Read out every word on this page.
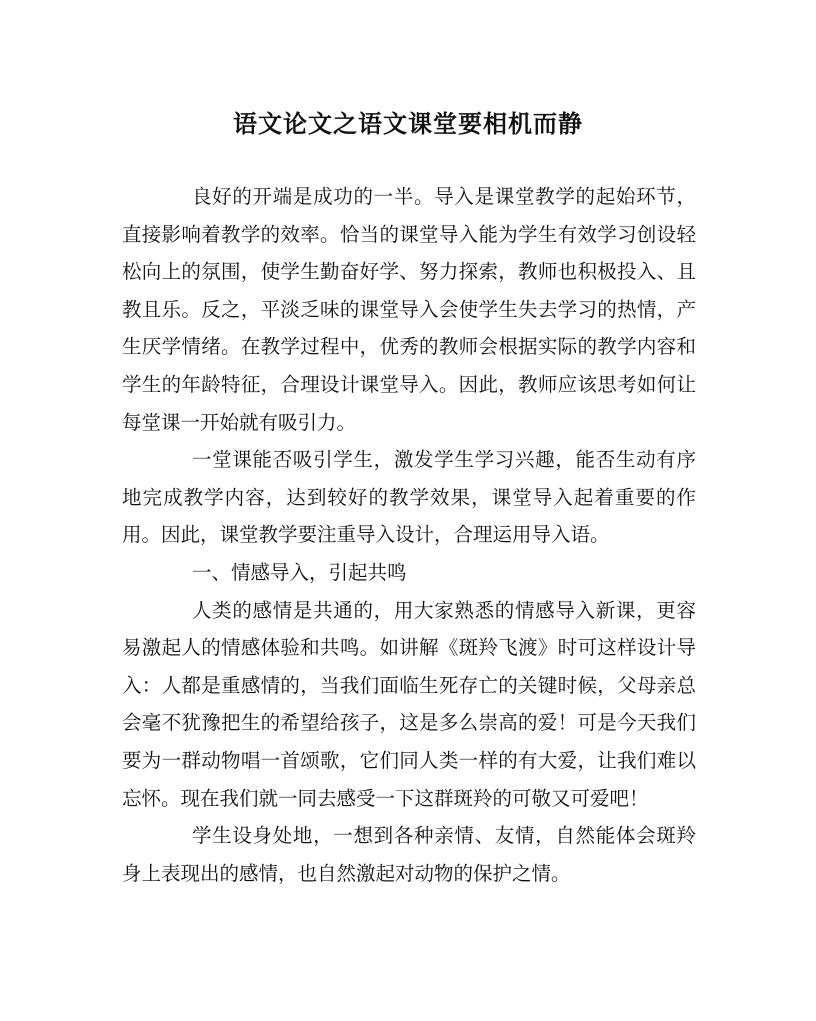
语文论文之语文课堂要相机而静

良好的开端是成功的一半。导入是课堂教学的起始环节，直接影响着教学的效率。恰当的课堂导入能为学生有效学习创设轻松向上的氛围，使学生勤奋好学、努力探索，教师也积极投入、且教且乐。反之，平淡乏味的课堂导入会使学生失去学习的热情，产生厌学情绪。在教学过程中，优秀的教师会根据实际的教学内容和学生的年龄特征，合理设计课堂导入。因此，教师应该思考如何让每堂课一开始就有吸引力。

一堂课能否吸引学生，激发学生学习兴趣，能否生动有序地完成教学内容，达到较好的教学效果，课堂导入起着重要的作用。因此，课堂教学要注重导入设计，合理运用导入语。

一、情感导入，引起共鸣

人类的感情是共通的，用大家熟悉的情感导入新课，更容易激起人的情感体验和共鸣。如讲解《斑羚飞渡》时可这样设计导入：人都是重感情的，当我们面临生死存亡的关键时候，父母亲总会毫不犹豫把生的希望给孩子，这是多么崇高的爱！可是今天我们要为一群动物唱一首颂歌，它们同人类一样的有大爱，让我们难以忘怀。现在我们就一同去感受一下这群斑羚的可敬又可爱吧！

学生设身处地，一想到各种亲情、友情，自然能体会斑羚身上表现出的感情，也自然激起对动物的保护之情。
